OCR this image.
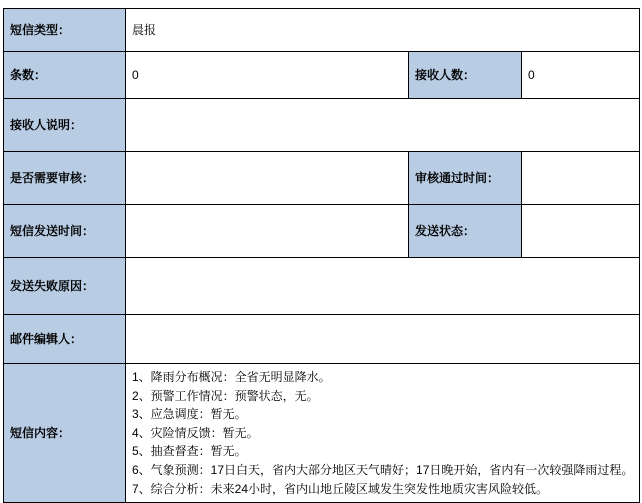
短信类型：	晨报		
条数：	0	接收人数：	0
接收人说明：			
是否需要审核：		审核通过时间：	
短信发送时间：		发送状态：	
发送失败原因：			
邮件编辑人：			
短信内容：	
1、降雨分布概况：全省无明显降水。
2、预警工作情况：预警状态，无。
3、应急调度：暂无。
4、灾险情反馈：暂无。
5、抽查督查：暂无。
6、气象预测：17日白天，省内大部分地区天气晴好；17日晚开始，省内有一次较强降雨过程。
7、综合分析：未来24小时，省内山地丘陵区域发生突发性地质灾害风险较低。
